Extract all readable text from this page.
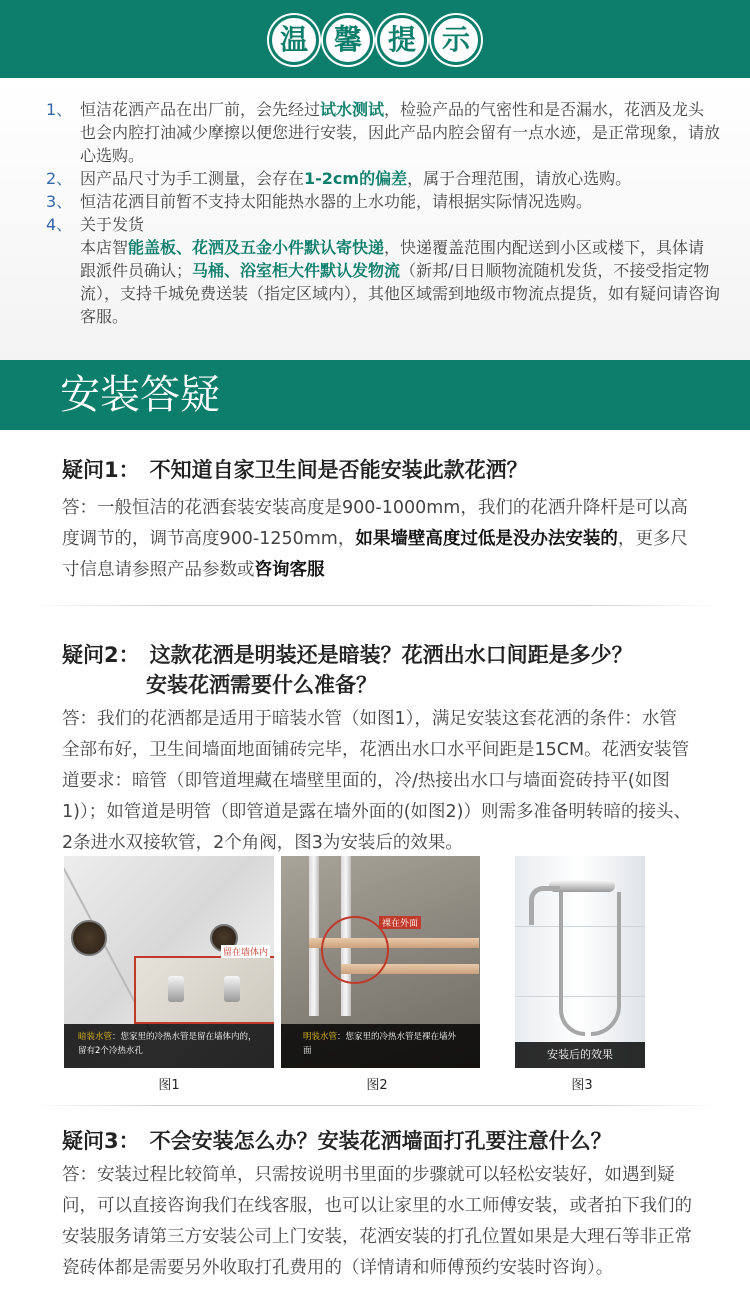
温 馨 提 示
1、 恒洁花洒产品在出厂前，会先经过试水测试，检验产品的气密性和是否漏水，花洒及龙头也会内腔打油减少摩擦以便您进行安装，因此产品内腔会留有一点水迹，是正常现象，请放心选购。
2、 因产品尺寸为手工测量，会存在1-2cm的偏差，属于合理范围，请放心选购。
3、 恒洁花洒目前暂不支持太阳能热水器的上水功能，请根据实际情况选购。
4、 关于发货
本店智能盖板、花洒及五金小件默认寄快递，快递覆盖范围内配送到小区或楼下，具体请跟派件员确认；马桶、浴室柜大件默认发物流（新邦/日日顺物流随机发货，不接受指定物流），支持千城免费送装（指定区域内），其他区域需到地级市物流点提货，如有疑问请咨询客服。
安装答疑
疑问1： 不知道自家卫生间是否能安装此款花洒？
答：一般恒洁的花洒套装安装高度是900-1000mm，我们的花洒升降杆是可以高度调节的，调节高度900-1250mm，如果墙壁高度过低是没办法安装的，更多尺寸信息请参照产品参数或咨询客服
疑问2： 这款花洒是明装还是暗装？花洒出水口间距是多少？
安装花洒需要什么准备？
答：我们的花洒都是适用于暗装水管（如图1），满足安装这套花洒的条件：水管全部布好，卫生间墙面地面铺砖完毕，花洒出水口水平间距是15CM。花洒安装管道要求：暗管（即管道埋藏在墙壁里面的，冷/热接出水口与墙面瓷砖持平(如图1)）；如管道是明管（即管道是露在墙外面的(如图2)）则需多准备明转暗的接头、2条进水双接软管，2个角阀，图3为安装后的效果。
留在墙体内
暗装水管：您家里的冷热水管是留在墙体内的，留有2个冷热水孔
裸在外面
明装水管：您家里的冷热水管是裸在墙外面	安装后的效果
图1	图2	图3
疑问3： 不会安装怎么办？安装花洒墙面打孔要注意什么？
答：安装过程比较简单，只需按说明书里面的步骤就可以轻松安装好，如遇到疑问，可以直接咨询我们在线客服，也可以让家里的水工师傅安装，或者拍下我们的安装服务请第三方安装公司上门安装，花洒安装的打孔位置如果是大理石等非正常瓷砖体都是需要另外收取打孔费用的（详情请和师傅预约安装时咨询）。
